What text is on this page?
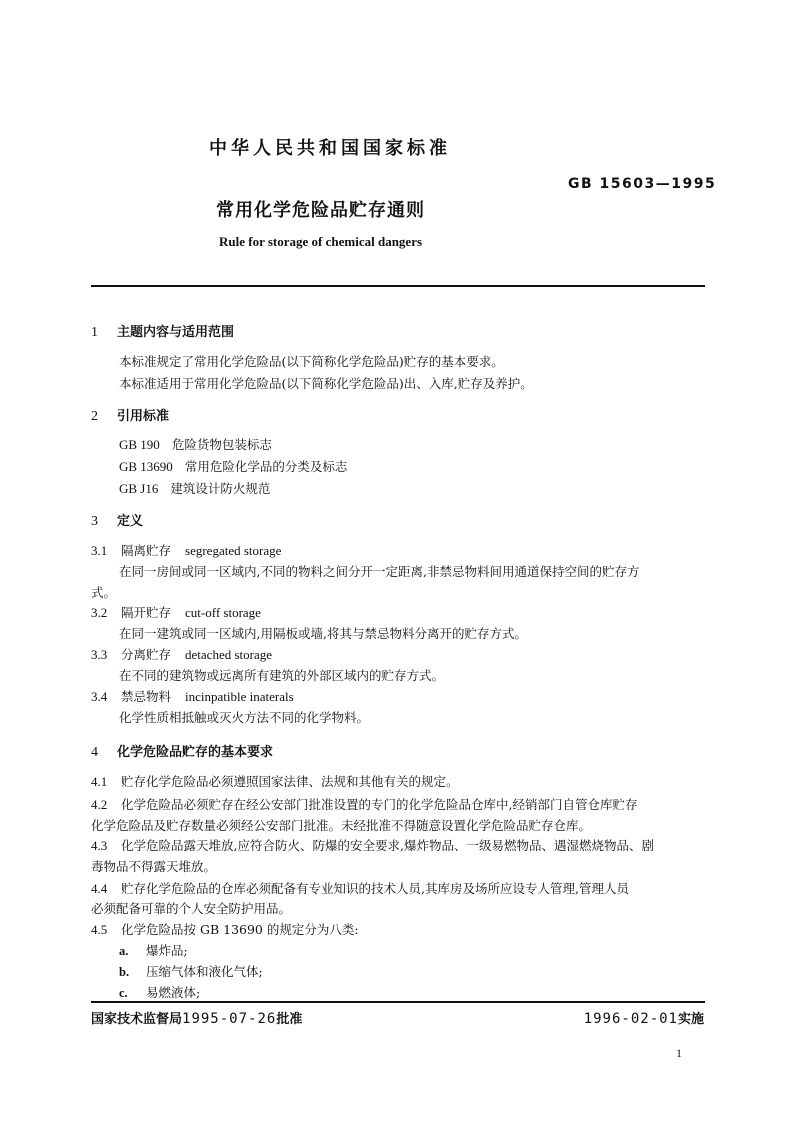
中华人民共和国国家标准
GB 15603—1995
常用化学危险品贮存通则
Rule for storage of chemical dangers
1 主题内容与适用范围
本标准规定了常用化学危险品(以下简称化学危险品)贮存的基本要求。
本标准适用于常用化学危险品(以下简称化学危险品)出、入库,贮存及养护。
2 引用标准
GB 190 危险货物包装标志
GB 13690 常用危险化学品的分类及标志
GB J16 建筑设计防火规范
3 定义
3.1 隔离贮存 segregated storage
在同一房间或同一区域内,不同的物料之间分开一定距离,非禁忌物料间用通道保持空间的贮存方
式。
3.2 隔开贮存 cut-off storage
在同一建筑或同一区域内,用隔板或墙,将其与禁忌物料分离开的贮存方式。
3.3 分离贮存 detached storage
在不同的建筑物或远离所有建筑的外部区域内的贮存方式。
3.4 禁忌物料 incinpatible inaterals
化学性质相抵触或灭火方法不同的化学物料。
4 化学危险品贮存的基本要求
4.1 贮存化学危险品必须遵照国家法律、法规和其他有关的规定。
4.2 化学危险品必须贮存在经公安部门批准设置的专门的化学危险品仓库中,经销部门自管仓库贮存
化学危险品及贮存数量必须经公安部门批准。未经批准不得随意设置化学危险品贮存仓库。
4.3 化学危险品露天堆放,应符合防火、防爆的安全要求,爆炸物品、一级易燃物品、遇湿燃烧物品、剧
毒物品不得露天堆放。
4.4 贮存化学危险品的仓库必须配备有专业知识的技术人员,其库房及场所应设专人管理,管理人员
必须配备可靠的个人安全防护用品。
4.5 化学危险品按 GB 13690 的规定分为八类:
a. 爆炸品;
b. 压缩气体和液化气体;
c. 易燃液体;
国家技术监督局1995-07-26批准	1996-02-01实施
1
